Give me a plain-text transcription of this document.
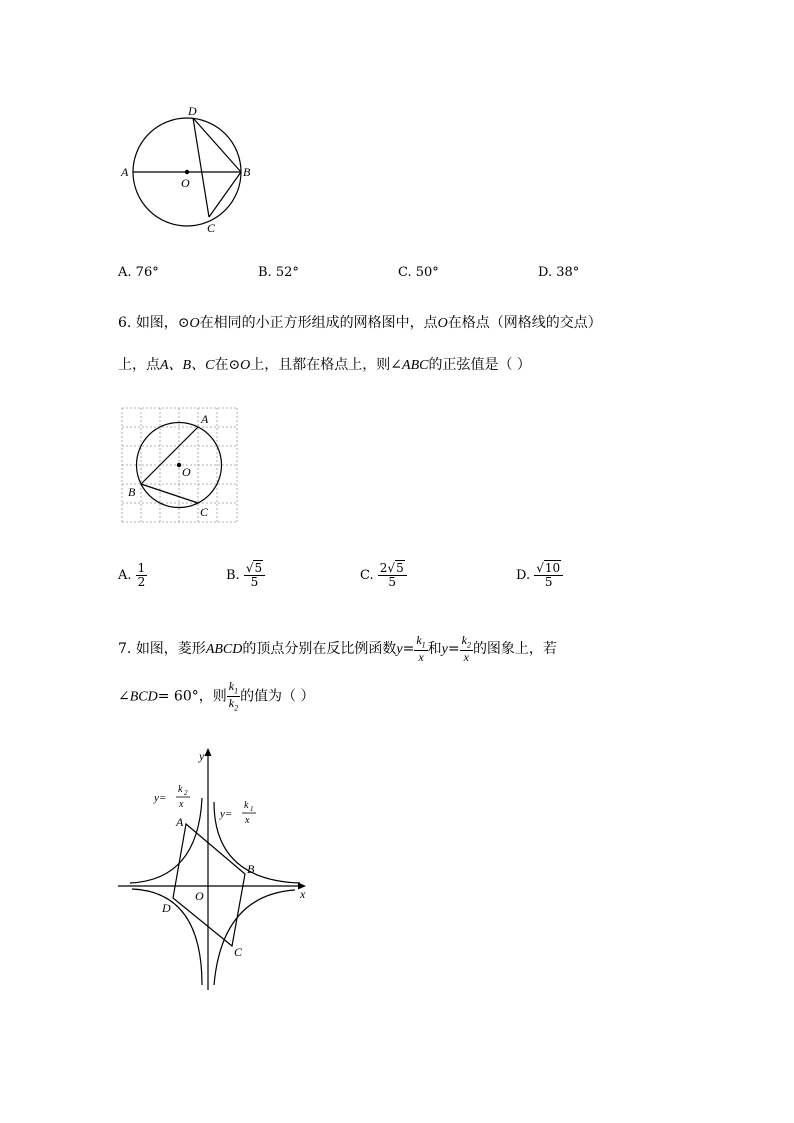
D
A
O
B
C
A. 76°	B. 52°	C. 50°	D. 38°
6. 如图，⊙O在相同的小正方形组成的网格图中，点O在格点（网格线的交点）
上，点A、B、C在⊙O上，且都在格点上，则∠ABC的正弦值是（ ）
A
O
B
C
A. $\frac{1}{2}$	B. $\frac{√5}{5}$	C. $\frac{2√5}{5}$	D. $\frac{√10}{5}$
7. 如图，菱形ABCD的顶点分别在反比例函数$y= \frac{k_1}{x}$ 和$y= \frac{k_2}{x}$ 的图象上，若
∠BCD= 60°，则 $\frac{k_1}{k_2}$ 的值为（ ）
y
x
O
A
B
C
D
y=
k 2
x
y=
k 1
x
